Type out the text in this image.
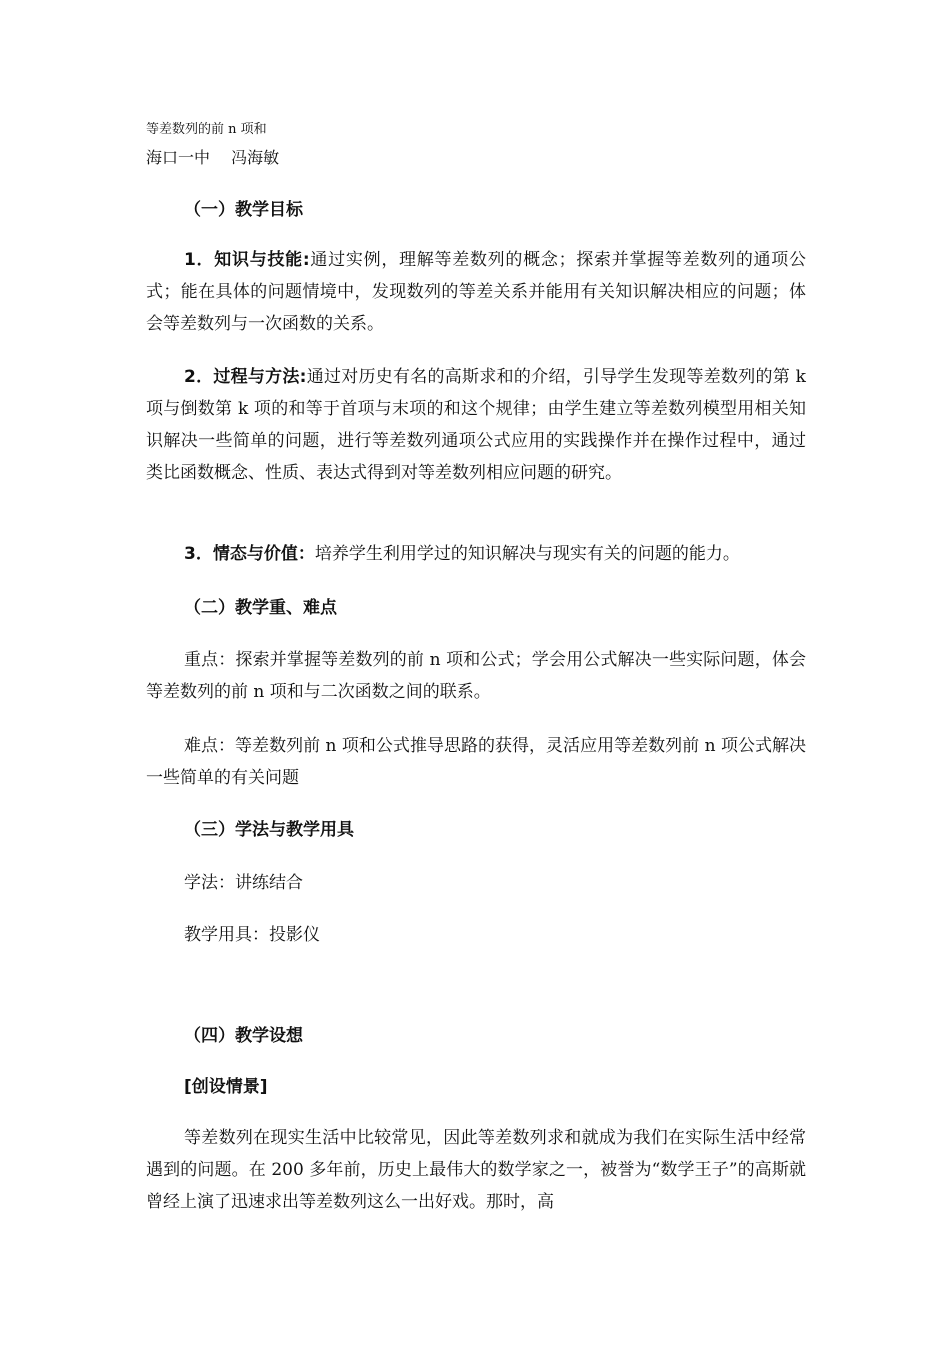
等差数列的前 n 项和
海口一中　 冯海敏
（一）教学目标

1．知识与技能:通过实例，理解等差数列的概念；探索并掌握等差数列的通项公式；能在具体的问题情境中，发现数列的等差关系并能用有关知识解决相应的问题；体会等差数列与一次函数的关系。

2．过程与方法:通过对历史有名的高斯求和的介绍，引导学生发现等差数列的第 k 项与倒数第 k 项的和等于首项与末项的和这个规律；由学生建立等差数列模型用相关知识解决一些简单的问题，进行等差数列通项公式应用的实践操作并在操作过程中，通过类比函数概念、性质、表达式得到对等差数列相应问题的研究。

3．情态与价值：培养学生利用学过的知识解决与现实有关的问题的能力。

（二）教学重、难点

重点：探索并掌握等差数列的前 n 项和公式；学会用公式解决一些实际问题，体会等差数列的前 n 项和与二次函数之间的联系。

难点：等差数列前 n 项和公式推导思路的获得，灵活应用等差数列前 n 项公式解决一些简单的有关问题

（三）学法与教学用具
学法：讲练结合
教学用具：投影仪
（四）教学设想
[创设情景]

等差数列在现实生活中比较常见，因此等差数列求和就成为我们在实际生活中经常遇到的问题。在 200 多年前，历史上最伟大的数学家之一，被誉为“数学王子”的高斯就曾经上演了迅速求出等差数列这么一出好戏。那时，高
